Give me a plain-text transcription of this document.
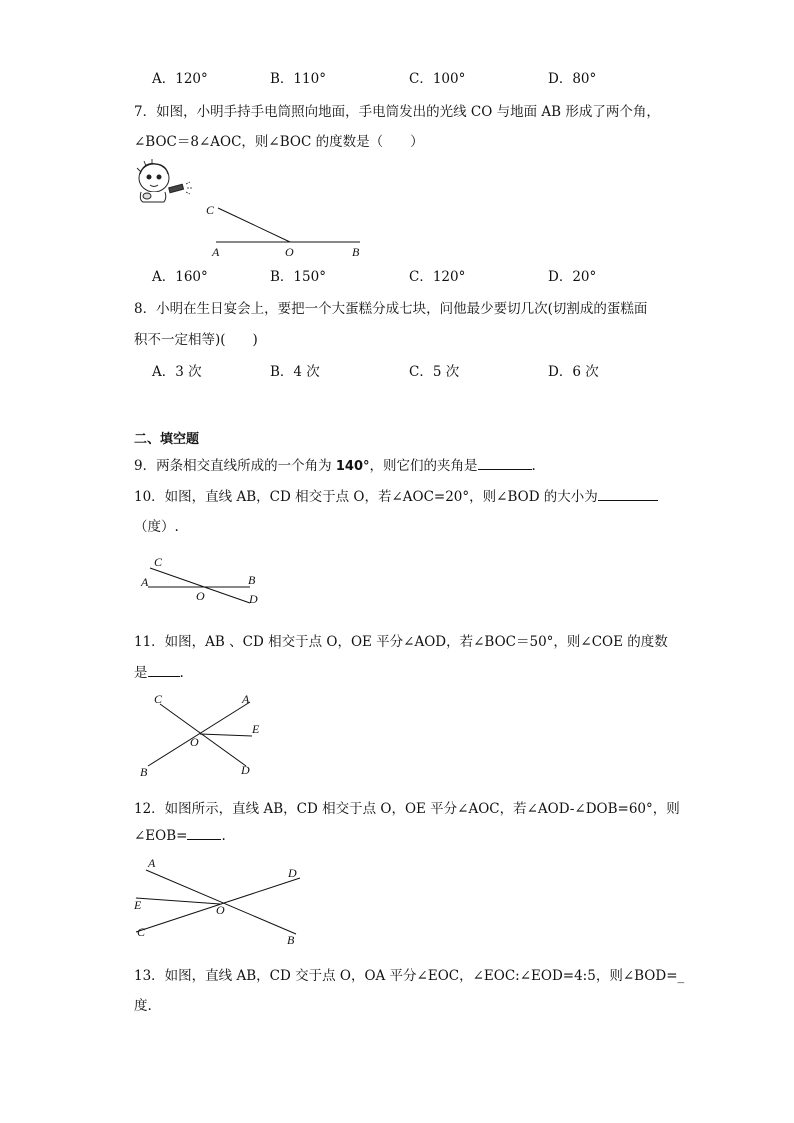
A．120°	B．110°	C．100°	D．80°
7．如图，小明手持手电筒照向地面，手电筒发出的光线 CO 与地面 AB 形成了两个角，
∠BOC＝8∠AOC，则∠BOC 的度数是（　　）
C
A	O	B
A．160°	B．150°	C．120°	D．20°
8．小明在生日宴会上，要把一个大蛋糕分成七块，问他最少要切几次(切割成的蛋糕面
积不一定相等)(　　)
A．3 次	B．4 次	C．5 次	D．6 次
二、填空题
9．两条相交直线所成的一个角为 140°，则它们的夹角是	.
10．如图，直线 AB，CD 相交于点 O，若∠AOC=20°，则∠BOD 的大小为
（度）.
C
A	B
O	D
11．如图，AB 、CD 相交于点 O，OE 平分∠AOD，若∠BOC＝50°，则∠COE 的度数
是 .
C	A
E
O
B	D
12．如图所示，直线 AB，CD 相交于点 O，OE 平分∠AOC，若∠AOD-∠DOB=60°，则
∠EOB=	.
A
D
E	O
C
B
13．如图，直线 AB，CD 交于点 O，OA 平分∠EOC，∠EOC:∠EOD=4:5，则∠BOD=_
度.
